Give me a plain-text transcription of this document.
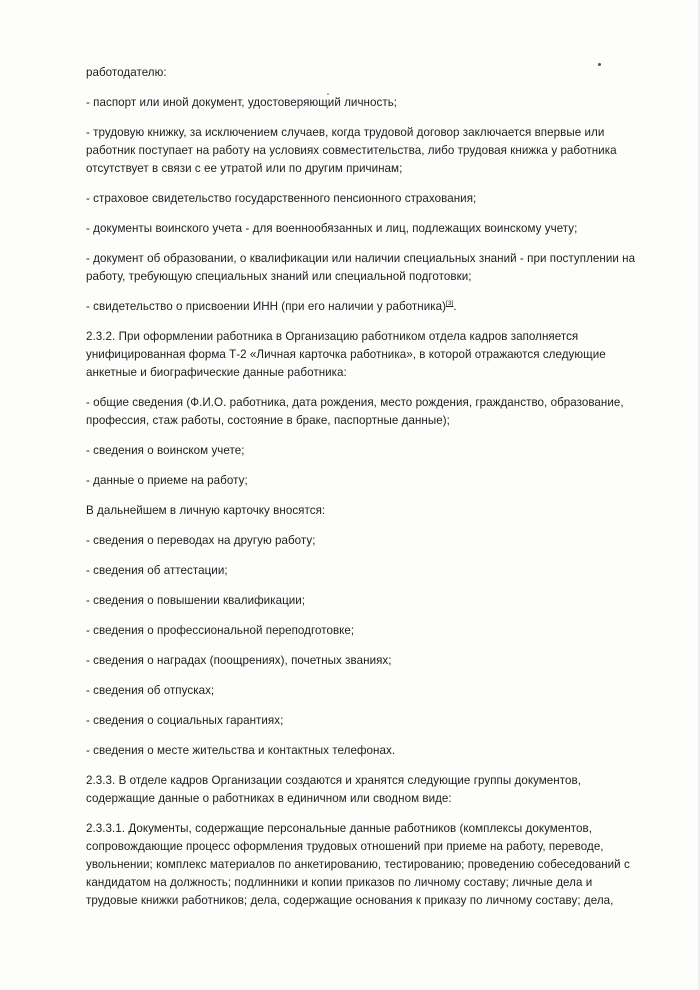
работодателю:

- паспорт или иной документ, удостоверяющий личность;

- трудовую книжку, за исключением случаев, когда трудовой договор заключается впервые или работник поступает на работу на условиях совместительства, либо трудовая книжка у работника отсутствует в связи с ее утратой или по другим причинам;

- страховое свидетельство государственного пенсионного страхования;

- документы воинского учета - для военнообязанных и лиц, подлежащих воинскому учету;

- документ об образовании, о квалификации или наличии специальных знаний - при поступлении на работу, требующую специальных знаний или специальной подготовки;

- свидетельство о присвоении ИНН (при его наличии у работника)[3].

2.3.2. При оформлении работника в Организацию работником отдела кадров заполняется унифицированная форма Т-2 «Личная карточка работника», в которой отражаются следующие анкетные и биографические данные работника:

- общие сведения (Ф.И.О. работника, дата рождения, место рождения, гражданство, образование, профессия, стаж работы, состояние в браке, паспортные данные);

- сведения о воинском учете;

- данные о приеме на работу;

В дальнейшем в личную карточку вносятся:

- сведения о переводах на другую работу;

- сведения об аттестации;

- сведения о повышении квалификации;

- сведения о профессиональной переподготовке;

- сведения о наградах (поощрениях), почетных званиях;

- сведения об отпусках;

- сведения о социальных гарантиях;

- сведения о месте жительства и контактных телефонах.

2.3.3. В отделе кадров Организации создаются и хранятся следующие группы документов, содержащие данные о работниках в единичном или сводном виде:

2.3.3.1. Документы, содержащие персональные данные работников (комплексы документов, сопровождающие процесс оформления трудовых отношений при приеме на работу, переводе, увольнении; комплекс материалов по анкетированию, тестированию; проведению собеседований с кандидатом на должность; подлинники и копии приказов по личному составу; личные дела и трудовые книжки работников; дела, содержащие основания к приказу по личному составу; дела,
